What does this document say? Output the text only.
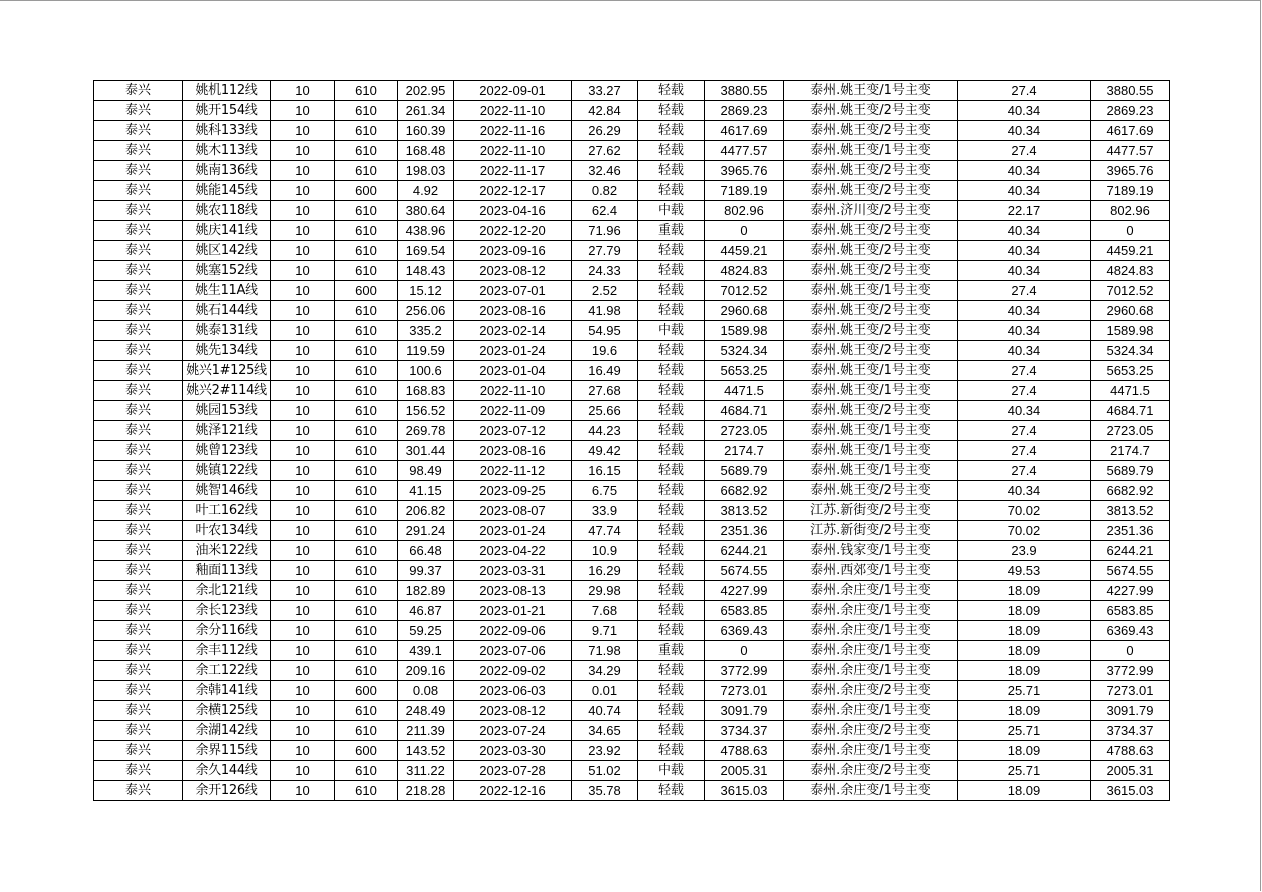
泰兴	姚机112线	10	610	202.95	2022-09-01	33.27	轻载	3880.55	泰州.姚王变/1号主变	27.4	3880.55
泰兴	姚开154线	10	610	261.34	2022-11-10	42.84	轻载	2869.23	泰州.姚王变/2号主变	40.34	2869.23
泰兴	姚科133线	10	610	160.39	2022-11-16	26.29	轻载	4617.69	泰州.姚王变/2号主变	40.34	4617.69
泰兴	姚木113线	10	610	168.48	2022-11-10	27.62	轻载	4477.57	泰州.姚王变/1号主变	27.4	4477.57
泰兴	姚南136线	10	610	198.03	2022-11-17	32.46	轻载	3965.76	泰州.姚王变/2号主变	40.34	3965.76
泰兴	姚能145线	10	600	4.92	2022-12-17	0.82	轻载	7189.19	泰州.姚王变/2号主变	40.34	7189.19
泰兴	姚农118线	10	610	380.64	2023-04-16	62.4	中载	802.96	泰州.济川变/2号主变	22.17	802.96
泰兴	姚庆141线	10	610	438.96	2022-12-20	71.96	重载	0	泰州.姚王变/2号主变	40.34	0
泰兴	姚区142线	10	610	169.54	2023-09-16	27.79	轻载	4459.21	泰州.姚王变/2号主变	40.34	4459.21
泰兴	姚塞152线	10	610	148.43	2023-08-12	24.33	轻载	4824.83	泰州.姚王变/2号主变	40.34	4824.83
泰兴	姚生11A线	10	600	15.12	2023-07-01	2.52	轻载	7012.52	泰州.姚王变/1号主变	27.4	7012.52
泰兴	姚石144线	10	610	256.06	2023-08-16	41.98	轻载	2960.68	泰州.姚王变/2号主变	40.34	2960.68
泰兴	姚泰131线	10	610	335.2	2023-02-14	54.95	中载	1589.98	泰州.姚王变/2号主变	40.34	1589.98
泰兴	姚先134线	10	610	119.59	2023-01-24	19.6	轻载	5324.34	泰州.姚王变/2号主变	40.34	5324.34
泰兴	姚兴1#125线	10	610	100.6	2023-01-04	16.49	轻载	5653.25	泰州.姚王变/1号主变	27.4	5653.25
泰兴	姚兴2#114线	10	610	168.83	2022-11-10	27.68	轻载	4471.5	泰州.姚王变/1号主变	27.4	4471.5
泰兴	姚园153线	10	610	156.52	2022-11-09	25.66	轻载	4684.71	泰州.姚王变/2号主变	40.34	4684.71
泰兴	姚泽121线	10	610	269.78	2023-07-12	44.23	轻载	2723.05	泰州.姚王变/1号主变	27.4	2723.05
泰兴	姚曾123线	10	610	301.44	2023-08-16	49.42	轻载	2174.7	泰州.姚王变/1号主变	27.4	2174.7
泰兴	姚镇122线	10	610	98.49	2022-11-12	16.15	轻载	5689.79	泰州.姚王变/1号主变	27.4	5689.79
泰兴	姚智146线	10	610	41.15	2023-09-25	6.75	轻载	6682.92	泰州.姚王变/2号主变	40.34	6682.92
泰兴	叶工162线	10	610	206.82	2023-08-07	33.9	轻载	3813.52	江苏.新街变/2号主变	70.02	3813.52
泰兴	叶农134线	10	610	291.24	2023-01-24	47.74	轻载	2351.36	江苏.新街变/2号主变	70.02	2351.36
泰兴	油米122线	10	610	66.48	2023-04-22	10.9	轻载	6244.21	泰州.钱家变/1号主变	23.9	6244.21
泰兴	釉面113线	10	610	99.37	2023-03-31	16.29	轻载	5674.55	泰州.西郊变/1号主变	49.53	5674.55
泰兴	余北121线	10	610	182.89	2023-08-13	29.98	轻载	4227.99	泰州.余庄变/1号主变	18.09	4227.99
泰兴	余长123线	10	610	46.87	2023-01-21	7.68	轻载	6583.85	泰州.余庄变/1号主变	18.09	6583.85
泰兴	余分116线	10	610	59.25	2022-09-06	9.71	轻载	6369.43	泰州.余庄变/1号主变	18.09	6369.43
泰兴	余丰112线	10	610	439.1	2023-07-06	71.98	重载	0	泰州.余庄变/1号主变	18.09	0
泰兴	余工122线	10	610	209.16	2022-09-02	34.29	轻载	3772.99	泰州.余庄变/1号主变	18.09	3772.99
泰兴	余韩141线	10	600	0.08	2023-06-03	0.01	轻载	7273.01	泰州.余庄变/2号主变	25.71	7273.01
泰兴	余横125线	10	610	248.49	2023-08-12	40.74	轻载	3091.79	泰州.余庄变/1号主变	18.09	3091.79
泰兴	余湖142线	10	610	211.39	2023-07-24	34.65	轻载	3734.37	泰州.余庄变/2号主变	25.71	3734.37
泰兴	余界115线	10	600	143.52	2023-03-30	23.92	轻载	4788.63	泰州.余庄变/1号主变	18.09	4788.63
泰兴	余久144线	10	610	311.22	2023-07-28	51.02	中载	2005.31	泰州.余庄变/2号主变	25.71	2005.31
泰兴	余开126线	10	610	218.28	2022-12-16	35.78	轻载	3615.03	泰州.余庄变/1号主变	18.09	3615.03
